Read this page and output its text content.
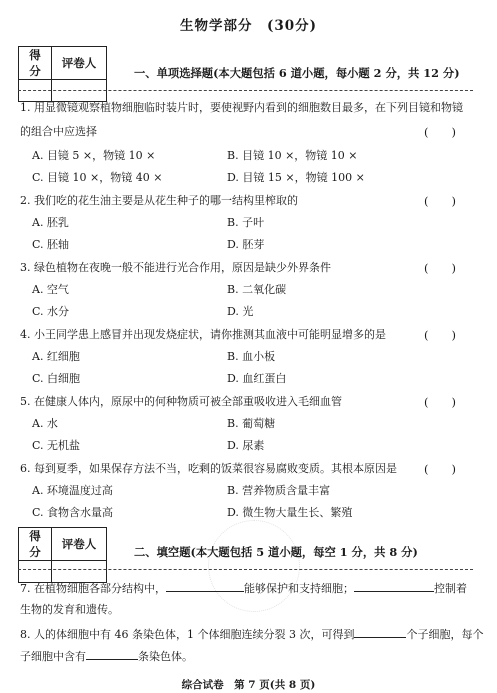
生物学部分　(30分)
得　分	评卷人

一、单项选择题(本大题包括 6 道小题，每小题 2 分，共 12 分)
1. 用显微镜观察植物细胞临时装片时，要使视野内看到的细胞数目最多，在下列目镜和物镜
的组合中应选择	(　　)
A. 目镜 5 ×，物镜 10 ×	B. 目镜 10 ×，物镜 10 ×
C. 目镜 10 ×，物镜 40 ×	D. 目镜 15 ×，物镜 100 ×
2. 我们吃的花生油主要是从花生种子的哪一结构里榨取的	(　　)
A. 胚乳	B. 子叶
C. 胚轴	D. 胚芽
3. 绿色植物在夜晚一般不能进行光合作用，原因是缺少外界条件	(　　)
A. 空气	B. 二氧化碳
C. 水分	D. 光
4. 小王同学患上感冒并出现发烧症状，请你推测其血液中可能明显增多的是	(　　)
A. 红细胞	B. 血小板
C. 白细胞	D. 血红蛋白
5. 在健康人体内，原尿中的何种物质可被全部重吸收进入毛细血管	(　　)
A. 水	B. 葡萄糖
C. 无机盐	D. 尿素
6. 每到夏季，如果保存方法不当，吃剩的饭菜很容易腐败变质。其根本原因是 (　　)
A. 环境温度过高	B. 营养物质含量丰富
C. 食物含水量高	D. 微生物大量生长、繁殖
得　分	评卷人

二、填空题(本大题包括 5 道小题，每空 1 分，共 8 分)
7. 在植物细胞各部分结构中，	能够保护和支持细胞；	控制着
生物的发育和遗传。
8. 人的体细胞中有 46 条染色体，1 个体细胞连续分裂 3 次，可得到	个子细胞，每个
子细胞中含有	条染色体。
综合试卷　第 7 页(共 8 页)
